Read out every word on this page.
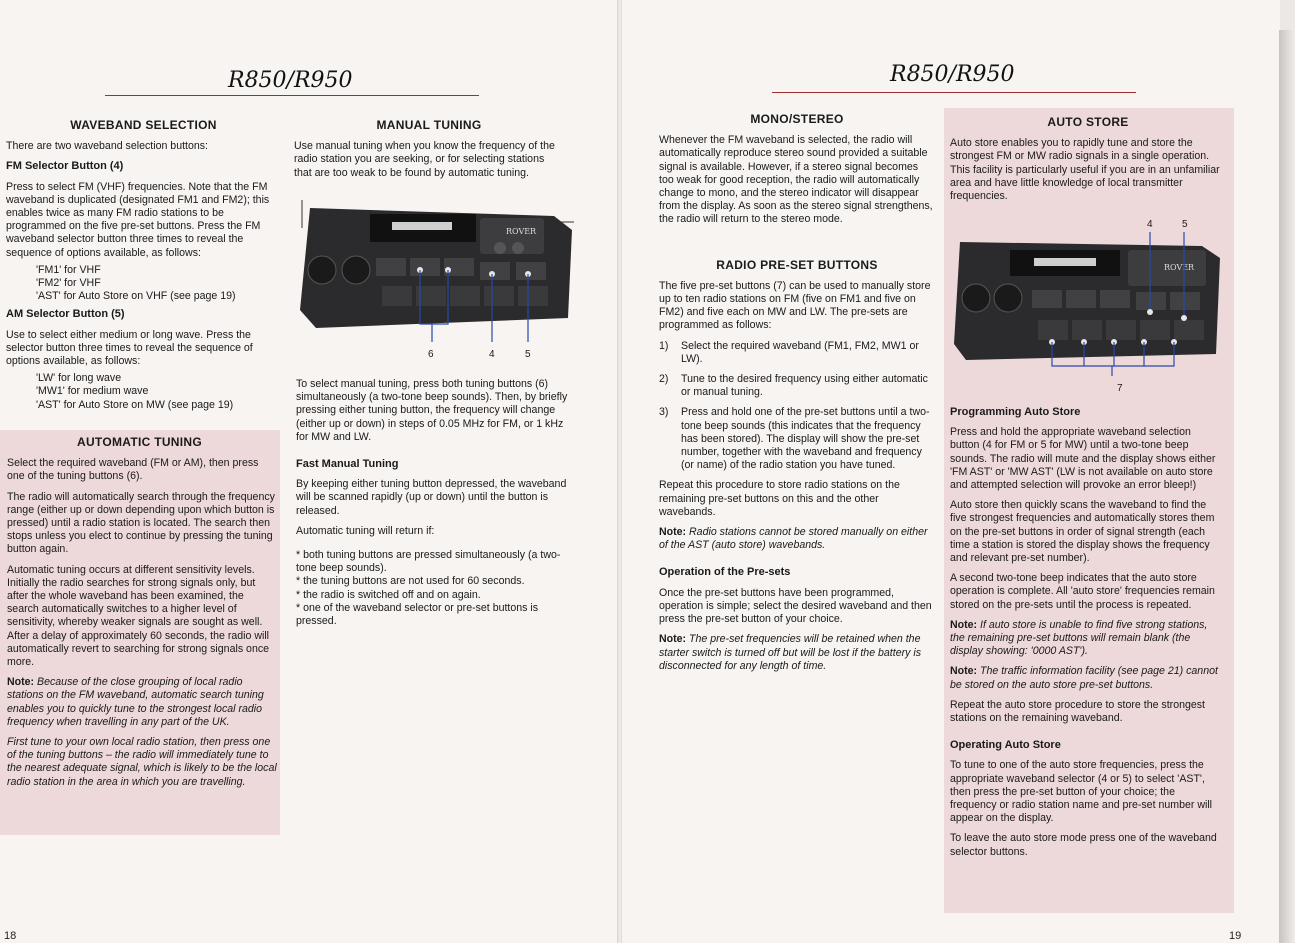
R850/R950
WAVEBAND SELECTION

There are two waveband selection buttons:

FM Selector Button (4)

Press to select FM (VHF) frequencies. Note that the FM waveband is duplicated (designated FM1 and FM2); this enables twice as many FM radio stations to be programmed on the five pre-set buttons. Press the FM waveband selector button three times to reveal the sequence of options available, as follows:

'FM1' for VHF
'FM2' for VHF
'AST' for Auto Store on VHF (see page 19)

AM Selector Button (5)

Use to select either medium or long wave. Press the selector button three times to reveal the sequence of options available, as follows:

'LW' for long wave
'MW1' for medium wave
'AST' for Auto Store on MW (see page 19)
AUTOMATIC TUNING

Select the required waveband (FM or AM), then press one of the tuning buttons (6).

The radio will automatically search through the frequency range (either up or down depending upon which button is pressed) until a radio station is located. The search then stops unless you elect to continue by pressing the tuning button again.

Automatic tuning occurs at different sensitivity levels. Initially the radio searches for strong signals only, but after the whole waveband has been examined, the search automatically switches to a higher level of sensitivity, whereby weaker signals are sought as well. After a delay of approximately 60 seconds, the radio will automatically revert to searching for strong signals once more.

Note: Because of the close grouping of local radio stations on the FM waveband, automatic search tuning enables you to quickly tune to the strongest local radio frequency when travelling in any part of the UK.

First tune to your own local radio station, then press one of the tuning buttons – the radio will immediately tune to the nearest adequate signal, which is likely to be the local radio station in the area in which you are travelling.

MANUAL TUNING

Use manual tuning when you know the frequency of the radio station you are seeking, or for selecting stations that are too weak to be found by automatic tuning.

ROVER
6	4	5

To select manual tuning, press both tuning buttons (6) simultaneously (a two-tone beep sounds). Then, by briefly pressing either tuning button, the frequency will change (either up or down) in steps of 0.05 MHz for FM, or 1 kHz for MW and LW.

Fast Manual Tuning

By keeping either tuning button depressed, the waveband will be scanned rapidly (up or down) until the button is released.

Automatic tuning will return if:

* both tuning buttons are pressed simultaneously (a two-tone beep sounds).
* the tuning buttons are not used for 60 seconds.
* the radio is switched off and on again.
* one of the waveband selector or pre-set buttons is pressed.
18
R850/R950
MONO/STEREO

Whenever the FM waveband is selected, the radio will automatically reproduce stereo sound provided a suitable signal is available. However, if a stereo signal becomes too weak for good reception, the radio will automatically change to mono, and the stereo indicator will disappear from the display. As soon as the stereo signal strengthens, the radio will return to the stereo mode.

RADIO PRE-SET BUTTONS

The five pre-set buttons (7) can be used to manually store up to ten radio stations on FM (five on FM1 and five on FM2) and five each on MW and LW. The pre-sets are programmed as follows:

1)	Select the required waveband (FM1, FM2, MW1 or LW).
2)	Tune to the desired frequency using either automatic or manual tuning.
3)	Press and hold one of the pre-set buttons until a two-tone beep sounds (this indicates that the frequency has been stored). The display will show the pre-set number, together with the waveband and frequency (or name) of the radio station you have tuned.

Repeat this procedure to store radio stations on the remaining pre-set buttons on this and the other wavebands.

Note: Radio stations cannot be stored manually on either of the AST (auto store) wavebands.

Operation of the Pre-sets

Once the pre-set buttons have been programmed, operation is simple; select the desired waveband and then press the pre-set button of your choice.

Note: The pre-set frequencies will be retained when the starter switch is turned off but will be lost if the battery is disconnected for any length of time.

AUTO STORE

Auto store enables you to rapidly tune and store the strongest FM or MW radio signals in a single operation. This facility is particularly useful if you are in an unfamiliar area and have little knowledge of local transmitter frequencies.

ROVER
4	5
7

Programming Auto Store

Press and hold the appropriate waveband selection button (4 for FM or 5 for MW) until a two-tone beep sounds. The radio will mute and the display shows either 'FM AST' or 'MW AST' (LW is not available on auto store and attempted selection will provoke an error bleep!)

Auto store then quickly scans the waveband to find the five strongest frequencies and automatically stores them on the pre-set buttons in order of signal strength (each time a station is stored the display shows the frequency and relevant pre-set number).

A second two-tone beep indicates that the auto store operation is complete. All 'auto store' frequencies remain stored on the pre-sets until the process is repeated.

Note: If auto store is unable to find five strong stations, the remaining pre-set buttons will remain blank (the display showing: '0000 AST').

Note: The traffic information facility (see page 21) cannot be stored on the auto store pre-set buttons.

Repeat the auto store procedure to store the strongest stations on the remaining waveband.

Operating Auto Store

To tune to one of the auto store frequencies, press the appropriate waveband selector (4 or 5) to select 'AST', then press the pre-set button of your choice; the frequency or radio station name and pre-set number will appear on the display.

To leave the auto store mode press one of the waveband selector buttons.

19
